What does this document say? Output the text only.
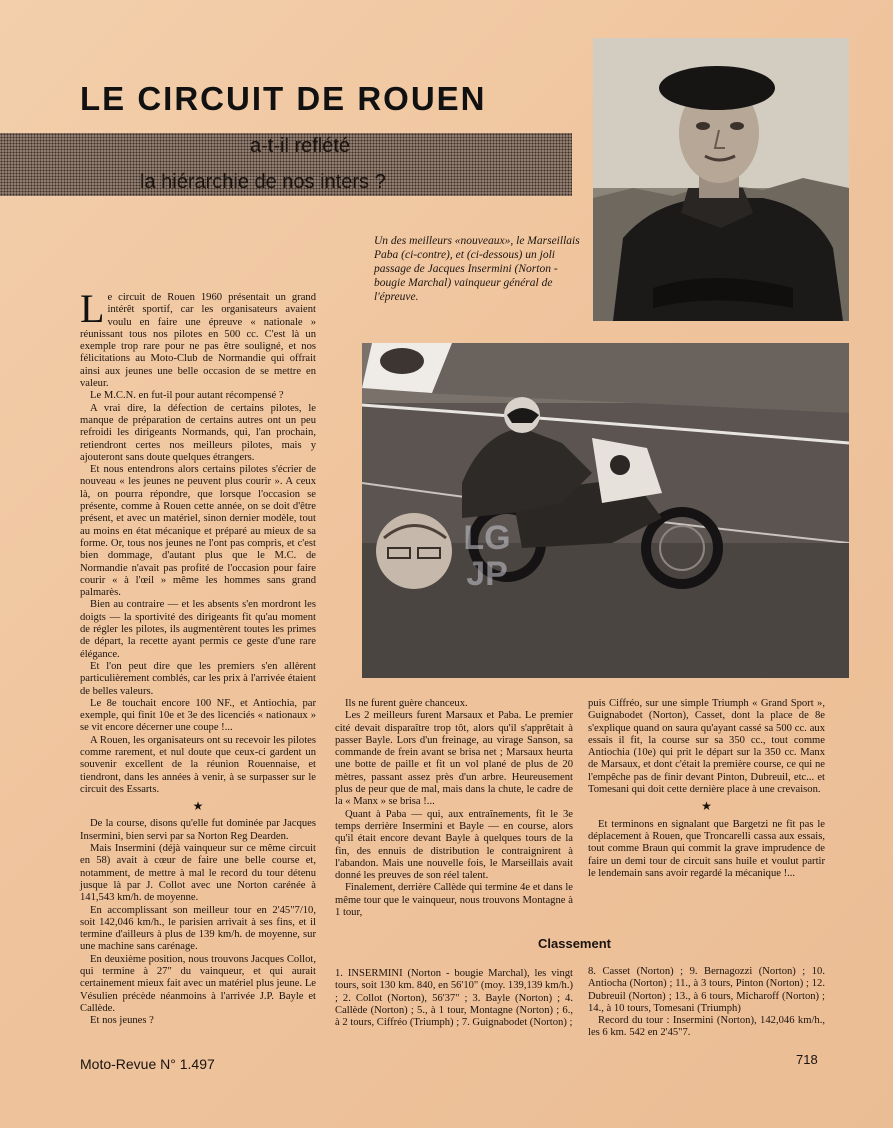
LE CIRCUIT DE ROUEN
a-t-il reflété
la hiérarchie de nos inters ?
Un des meilleurs «nouveaux», le Marseillais Paba (ci-contre), et (ci-dessous) un joli passage de Jacques Insermini (Norton - bougie Marchal) vainqueur général de l'épreuve.
LG JP

Le circuit de Rouen 1960 présentait un grand intérêt sportif, car les organisateurs avaient voulu en faire une épreuve « nationale » réunissant tous nos pilotes en 500 cc. C'est là un exemple trop rare pour ne pas être souligné, et nos félicitations au Moto-Club de Normandie qui offrait ainsi aux jeunes une belle occasion de se mettre en valeur.

Le M.C.N. en fut-il pour autant récompensé ?

A vrai dire, la défection de certains pilotes, le manque de préparation de certains autres ont un peu refroidi les dirigeants Normands, qui, l'an prochain, retiendront certes nos meilleurs pilotes, mais y ajouteront sans doute quelques étrangers.

Et nous entendrons alors certains pilotes s'écrier de nouveau « les jeunes ne peuvent plus courir ». A ceux là, on pourra répondre, que lorsque l'occasion se présente, comme à Rouen cette année, on se doit d'être présent, et avec un matériel, sinon dernier modèle, tout au moins en état mécanique et préparé au mieux de sa forme. Or, tous nos jeunes ne l'ont pas compris, et c'est bien dommage, d'autant plus que le M.C. de Normandie n'avait pas profité de l'occasion pour faire courir « à l'œil » même les hommes sans grand palmarès.

Bien au contraire — et les absents s'en mordront les doigts — la sportivité des dirigeants fit qu'au moment de régler les pilotes, ils augmentèrent toutes les primes de départ, la recette ayant permis ce geste d'une rare élégance.

Et l'on peut dire que les premiers s'en allèrent particulièrement comblés, car les prix à l'arrivée étaient de belles valeurs.

Le 8e touchait encore 100 NF., et Antiochia, par exemple, qui finit 10e et 3e des licenciés « nationaux » se vit encore décerner une coupe !...

A Rouen, les organisateurs ont su recevoir les pilotes comme rarement, et nul doute que ceux-ci gardent un souvenir excellent de la réunion Rouennaise, et tiendront, dans les années à venir, à se surpasser sur le circuit des Essarts.

★

De la course, disons qu'elle fut dominée par Jacques Insermini, bien servi par sa Norton Reg Dearden.

Mais Insermini (déjà vainqueur sur ce même circuit en 58) avait à cœur de faire une belle course et, notamment, de mettre à mal le record du tour détenu jusque là par J. Collot avec une Norton carénée à 141,543 km/h. de moyenne.

En accomplissant son meilleur tour en 2'45"7/10, soit 142,046 km/h., le parisien arrivait à ses fins, et il termine d'ailleurs à plus de 139 km/h. de moyenne, sur une machine sans carénage.

En deuxième position, nous trouvons Jacques Collot, qui termine à 27" du vainqueur, et qui aurait certainement mieux fait avec un matériel plus jeune. Le Vésulien précède néanmoins à l'arrivée J.P. Bayle et Callède.

Et nos jeunes ?

Ils ne furent guère chanceux.

Les 2 meilleurs furent Marsaux et Paba. Le premier cité devait disparaître trop tôt, alors qu'il s'apprêtait à passer Bayle. Lors d'un freinage, au virage Sanson, sa commande de frein avant se brisa net ; Marsaux heurta une botte de paille et fit un vol plané de plus de 20 mètres, passant assez près d'un arbre. Heureusement plus de peur que de mal, mais dans la chute, le cadre de la « Manx » se brisa !...

Quant à Paba — qui, aux entraînements, fit le 3e temps derrière Insermini et Bayle — en course, alors qu'il était encore devant Bayle à quelques tours de la fin, des ennuis de distribution le contraignirent à l'abandon. Mais une nouvelle fois, le Marseillais avait donné les preuves de son réel talent.

Finalement, derrière Callède qui termine 4e et dans le même tour que le vainqueur, nous trouvons Montagne à 1 tour,

puis Ciffréo, sur une simple Triumph « Grand Sport », Guignabodet (Norton), Casset, dont la place de 8e s'explique quand on saura qu'ayant cassé sa 500 cc. aux essais il fit, la course sur sa 350 cc., tout comme Antiochia (10e) qui prit le départ sur la 350 cc. Manx de Marsaux, et dont c'était la première course, ce qui ne l'empêche pas de finir devant Pinton, Dubreuil, etc... et Tomesani qui doit cette dernière place à une crevaison.

★

Et terminons en signalant que Bargetzi ne fit pas le déplacement à Rouen, que Troncarelli cassa aux essais, tout comme Braun qui commit la grave imprudence de faire un demi tour de circuit sans huile et voulut partir le lendemain sans avoir regardé la mécanique !...

Classement
1. INSERMINI (Norton - bougie Marchal), les vingt tours, soit 130 km. 840, en 56'10" (moy. 139,139 km/h.) ; 2. Collot (Norton), 56'37" ; 3. Bayle (Norton) ; 4. Callède (Norton) ; 5., à 1 tour, Montagne (Norton) ; 6., à 2 tours, Ciffréo (Triumph) ; 7. Guignabodet (Norton) ;
8. Casset (Norton) ; 9. Bernagozzi (Norton) ; 10. Antiocha (Norton) ; 11., à 3 tours, Pinton (Norton) ; 12. Dubreuil (Norton) ; 13., à 6 tours, Micharoff (Norton) ; 14., à 10 tours, Tomesani (Triumph)
Record du tour : Insermini (Norton), 142,046 km/h., les 6 km. 542 en 2'45"7.
Moto-Revue N° 1.497	718
